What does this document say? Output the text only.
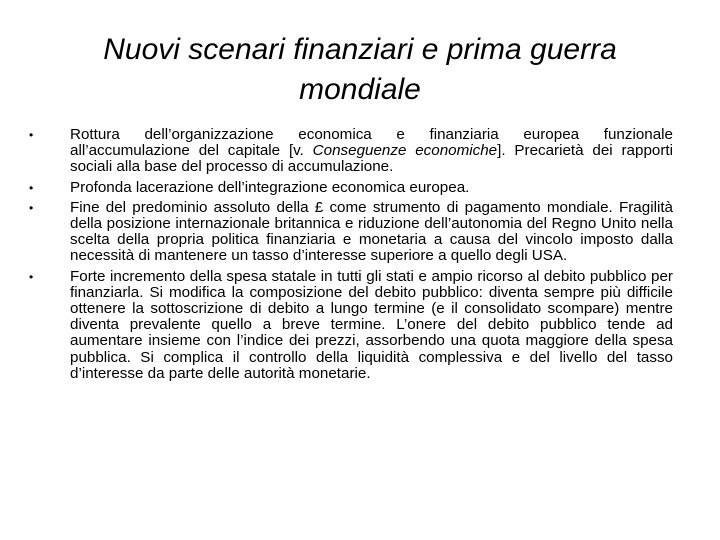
Nuovi scenari finanziari e prima guerra mondiale
•	Rottura dell’organizzazione economica e finanziaria europea funzionale all’accumulazione del capitale [v. Conseguenze economiche]. Precarietà dei rapporti sociali alla base del processo di accumulazione.
•	Profonda lacerazione dell’integrazione economica europea.
•	Fine del predominio assoluto della £ come strumento di pagamento mondiale. Fragilità della posizione internazionale britannica e riduzione dell’autonomia del Regno Unito nella scelta della propria politica finanziaria e monetaria a causa del vincolo imposto dalla necessità di mantenere un tasso d’interesse superiore a quello degli USA.
•	Forte incremento della spesa statale in tutti gli stati e ampio ricorso al debito pubblico per finanziarla. Si modifica la composizione del debito pubblico: diventa sempre più difficile ottenere la sottoscrizione di debito a lungo termine (e il consolidato scompare) mentre diventa prevalente quello a breve termine. L’onere del debito pubblico tende ad aumentare insieme con l’indice dei prezzi, assorbendo una quota maggiore della spesa pubblica. Si complica il controllo della liquidità complessiva e del livello del tasso d’interesse da parte delle autorità monetarie.
